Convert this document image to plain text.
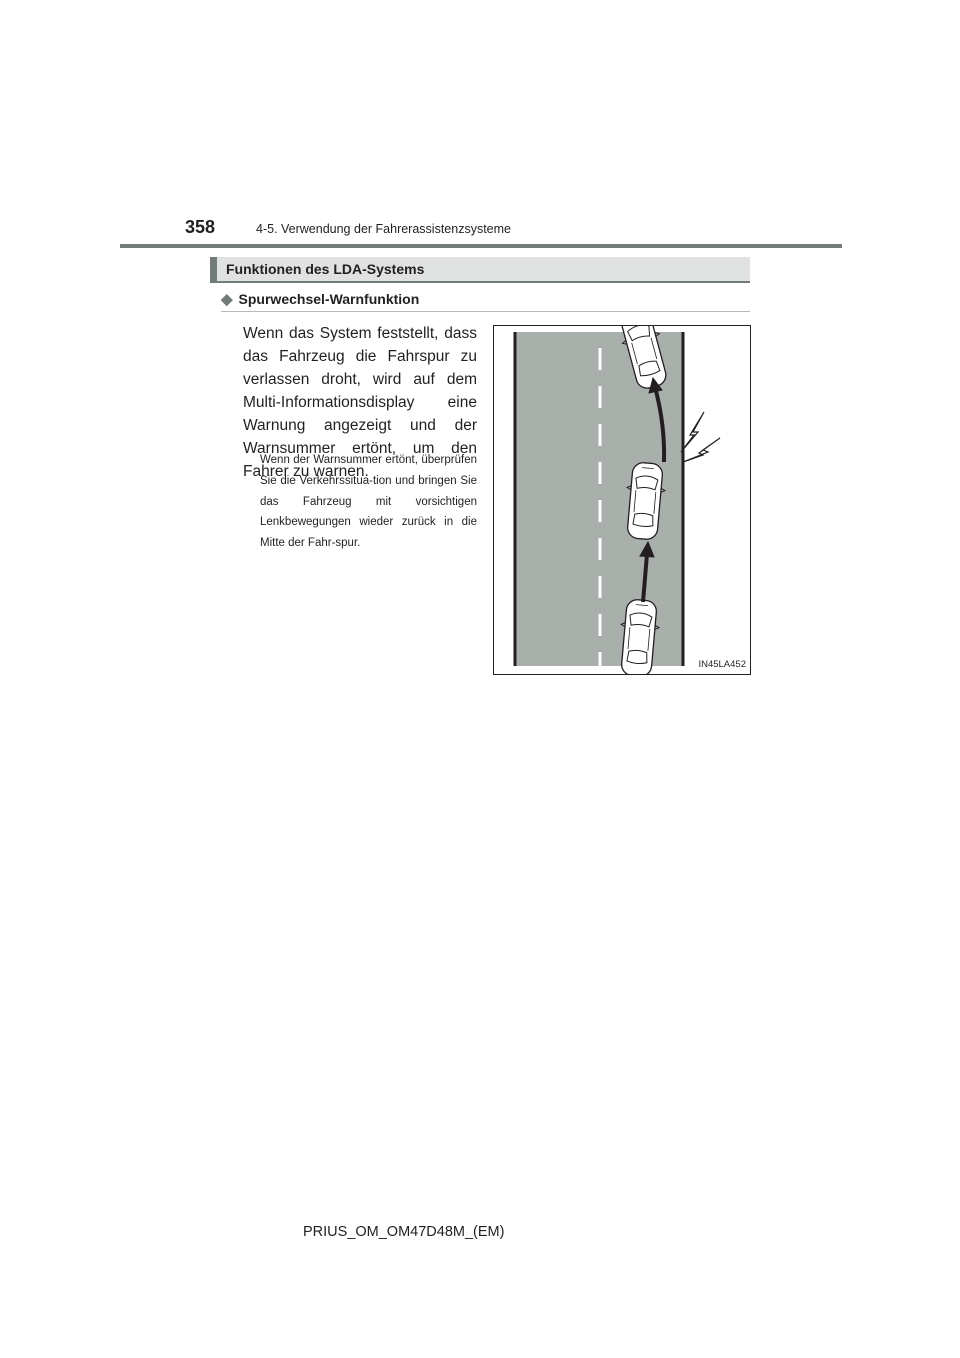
358	4-5. Verwendung der Fahrerassistenzsysteme
Funktionen des LDA-Systems
◆ Spurwechsel-Warnfunktion
Wenn das System feststellt, dass das Fahrzeug die Fahrspur zu verlassen droht, wird auf dem Multi-Informationsdisplay eine Warnung angezeigt und der Warnsummer ertönt, um den Fahrer zu warnen.
Wenn der Warnsummer ertönt, überprüfen Sie die Verkehrssitua-tion und bringen Sie das Fahrzeug mit vorsichtigen Lenkbewegungen wieder zurück in die Mitte der Fahr-spur.
IN45LA452
PRIUS_OM_OM47D48M_(EM)
